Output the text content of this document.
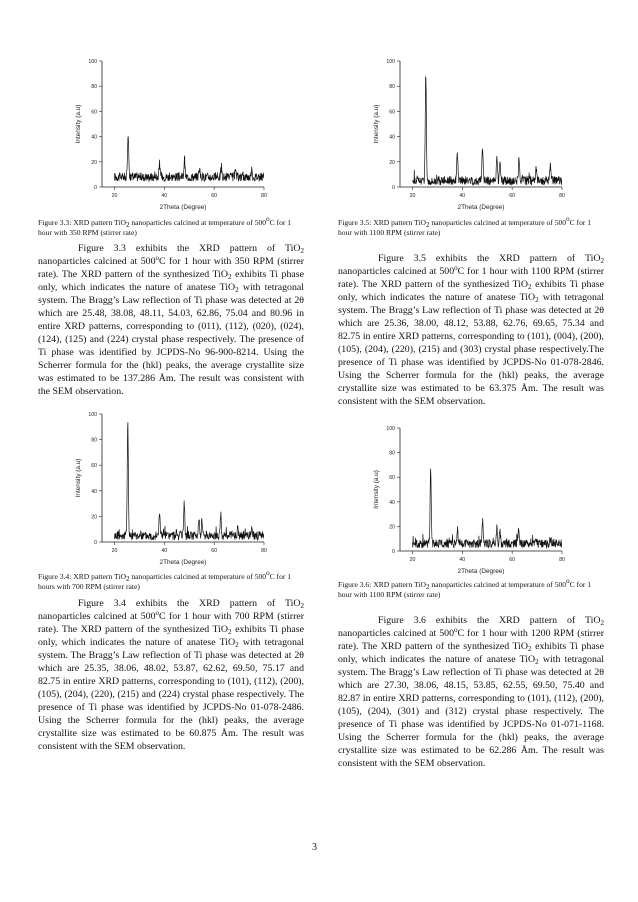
0
20
40
60
80
100
20	40	60	80
2Theta (Degree)
Intensity (a.u)
Figure 3.3: XRD pattern TiO$_2$ nanoparticles calcined at temperature of 500$^o$C for 1 hour with 350 RPM (stirrer rate)

Figure 3.3 exhibits the XRD pattern of TiO$_2$ nanoparticles calcined at 500$^o$C for 1 hour with 350 RPM (stirrer rate). The XRD pattern of the synthesized TiO$_2$ exhibits Ti phase only, which indicates the nature of anatese TiO$_2$ with tetragonal system. The Bragg’s Law reflection of Ti phase was detected at 2θ which are 25.48, 38.08, 48.11, 54.03, 62.86, 75.04 and 80.96 in entire XRD patterns, corresponding to (011), (112), (020), (024), (124), (125) and (224) crystal phase respectively. The presence of Ti phase was identified by JCPDS-No 96-900-8214. Using the Scherrer formula for the (hkl) peaks, the average crystallite size was estimated to be 137.286 Åm. The result was consistent with the SEM observation.

0
20
40
60
80
100
20	40	60	80
2Theta (Degree)
Intensity (a.u)
Figure 3.4: XRD pattern TiO$_2$ nanoparticles calcined at temperature of 500$^o$C for 1 hours with 700 RPM (stirrer rate)

Figure 3.4 exhibits the XRD pattern of TiO$_2$ nanoparticles calcined at 500$^o$C for 1 hour with 700 RPM (stirrer rate). The XRD pattern of the synthesized TiO$_2$ exhibits Ti phase only, which indicates the nature of anatese TiO$_2$ with tetragonal system. The Bragg’s Law reflection of Ti phase was detected at 2θ which are 25.35, 38.06, 48.02, 53.87, 62.62, 69.50, 75.17 and 82.75 in entire XRD patterns, corresponding to (101), (112), (200), (105), (204), (220), (215) and (224) crystal phase respectively. The presence of Ti phase was identified by JCPDS-No 01-078-2486. Using the Scherrer formula for the (hkl) peaks, the average crystallite size was estimated to be 60.875 Åm. The result was consistent with the SEM observation.

0
20
40
60
80
100
20	40	60	80
2Theta (Degree)
Intensity (a.u)
Figure 3.5: XRD pattern TiO$_2$ nanoparticles calcined at temperature of 500$^o$C for 1 hour with 1100 RPM (stirrer rate)

Figure 3.5 exhibits the XRD pattern of TiO$_2$ nanoparticles calcined at 500$^o$C for 1 hour with 1100 RPM (stirrer rate). The XRD pattern of the synthesized TiO$_2$ exhibits Ti phase only, which indicates the nature of anatese TiO$_2$ with tetragonal system. The Bragg’s Law reflection of Ti phase was detected at 2θ which are 25.36, 38.00, 48.12, 53.88, 62.76, 69.65, 75.34 and 82.75 in entire XRD patterns, corresponding to (101), (004), (200), (105), (204), (220), (215) and (303) crystal phase respectively.The presence of Ti phase was identified by JCPDS-No 01-078-2846. Using the Scherrer formula for the (hkl) peaks, the average crystallite size was estimated to be 63.375 Åm. The result was consistent with the SEM observation.

0
20
40
60
80
100
20	40	60	80
2Theta (Degree)
Intensity (a.u)
Figure 3.6: XRD pattern TiO$_2$ nanoparticles calcined at temperature of 500$^o$C for 1 hour with 1100 RPM (stirrer rate)

Figure 3.6 exhibits the XRD pattern of TiO$_2$ nanoparticles calcined at 500$^o$C for 1 hour with 1200 RPM (stirrer rate). The XRD pattern of the synthesized TiO$_2$ exhibits Ti phase only, which indicates the nature of anatese TiO$_2$ with tetragonal system. The Bragg’s Law reflection of Ti phase was detected at 2θ which are 27.30, 38.06, 48.15, 53.85, 62.55, 69.50, 75.40 and 82.87 in entire XRD patterns, corresponding to (101), (112), (200), (105), (204), (301) and (312) crystal phase respectively. The presence of Ti phase was identified by JCPDS-No 01-071-1168. Using the Scherrer formula for the (hkl) peaks, the average crystallite size was estimated to be 62.286 Åm. The result was consistent with the SEM observation.

3
